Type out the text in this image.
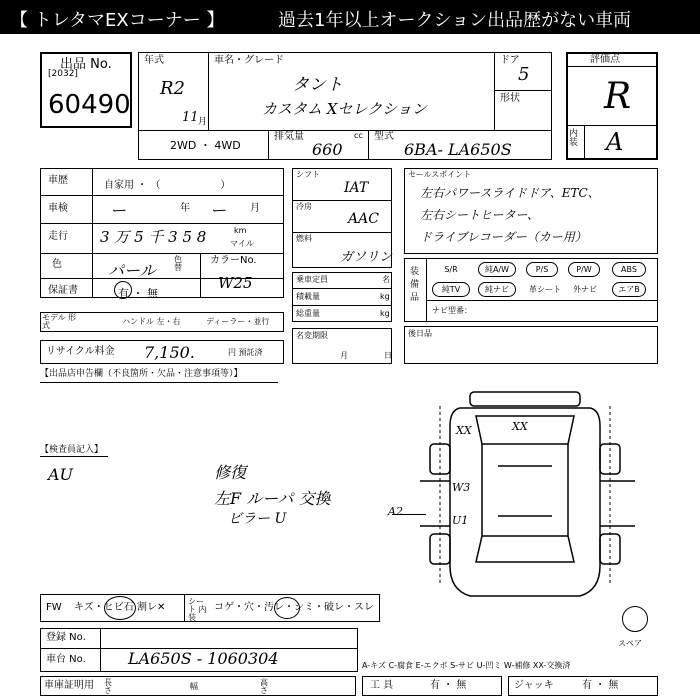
【 トレタマEXコーナー 】	過去1年以上オークション出品歴がない車両
出品 No.
[2032]
60490
年式
R2
11 月
車名・グレード
タント
カスタム Xセレクション
ドア
5
形状
2WD ・ 4WD
排気量	cc
660
型式
6BA- LA650S
評価点
R
内装 A
車歴	自家用 ・ （　　　　　　）
車検	ー	年 ー 月
走行 3 万 5 千 3 5 8	km
マイル
色	パール
色替
カラーNo.
W25
保証書	有 ・ 無
モデル 形式	ハンドル 左・右	ディーラー・並行
リサイクル料金 7,150.	円 預託済
シフト
IAT
冷房
AAC
燃料
ガソリン
乗車定員	名
積載量	kg
総重量	kg
名変期限
月	日
セールスポイント
左右パワースライドドア、ETC、
左右シートヒーター、
ドライブレコーダー（カー用）
装備品
S/R	純A/W	P/S	P/W	ABS
純TV	純ナビ	革シート	外ナビ	エアB
ナビ型番：
後日品
【出品店申告欄（不良箇所・欠品・注意事項等）】
【検査員記入】
AU	修復
左F ルーパ 交換
ビラー U
XX	XX
W3
U1
A2
スペア
FW キズ・ヒビ石 割レ✕
シート 内装
コゲ・穴・汚レ・シミ・破レ・スレ
登録 No.
車台 No.	LA650S - 1060304	A-キズ C-腐食 E-エクボ S-サビ U-凹ミ W-補修 XX-交換済
車庫証明用 長さ	幅	高さ	工 具	有 ・ 無	ジャッキ	有 ・ 無
